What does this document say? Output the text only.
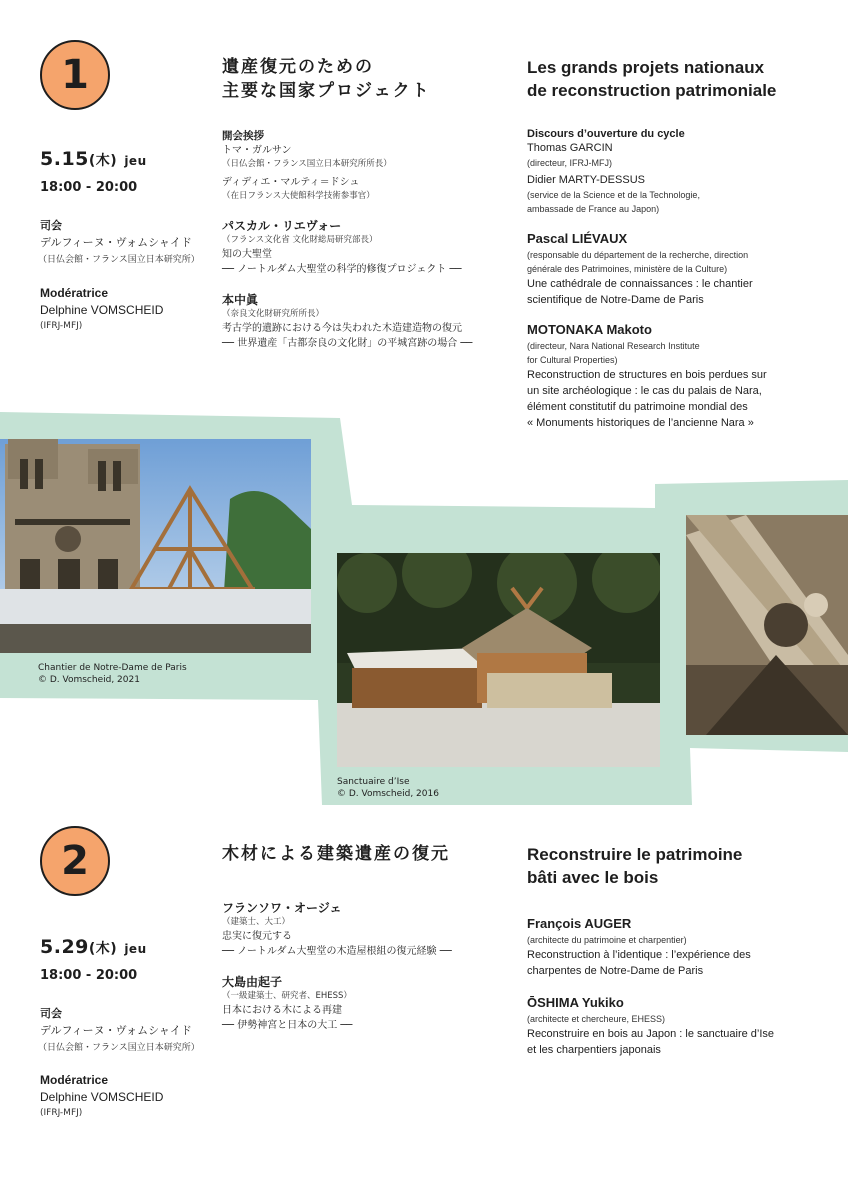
1
5.15(木) jeu
18:00 - 20:00
司会
デルフィーヌ・ヴォムシャイド
（日仏会館・フランス国立日本研究所）
Modératrice
Delphine VOMSCHEID
(IFRJ-MFJ)
遺産復元のための
主要な国家プロジェクト
開会挨拶
トマ・ガルサン
（日仏会館・フランス国立日本研究所所長）
ディディエ・マルティ＝ドシュ
（在日フランス大使館科学技術参事官）
パスカル・リエヴォー
（フランス文化省 文化財総局研究部長）
知の大聖堂
── ノートルダム大聖堂の科学的修復プロジェクト ──
本中眞
（奈良文化財研究所所長）
考古学的遺跡における今は失われた木造建造物の復元
── 世界遺産「古都奈良の文化財」の平城宮跡の場合 ──
Les grands projets nationaux
de reconstruction patrimoniale
Discours d’ouverture du cycle
Thomas GARCIN
(directeur, IFRJ-MFJ)
Didier MARTY-DESSUS
(service de la Science et de la Technologie,
ambassade de France au Japon)
Pascal LIÉVAUX
(responsable du département de la recherche, direction
générale des Patrimoines, ministère de la Culture)
Une cathédrale de connaissances : le chantier
scientifique de Notre-Dame de Paris
MOTONAKA Makoto
(directeur, Nara National Research Institute
for Cultural Properties)
Reconstruction de structures en bois perdues sur
un site archéologique : le cas du palais de Nara,
élément constitutif du patrimoine mondial des
« Monuments historiques de l’ancienne Nara »
Chantier de Notre-Dame de Paris
© D. Vomscheid, 2021
Sanctuaire d’Ise
© D. Vomscheid, 2016
2
5.29(木) jeu
18:00 - 20:00
司会
デルフィーヌ・ヴォムシャイド
（日仏会館・フランス国立日本研究所）
Modératrice
Delphine VOMSCHEID
(IFRJ-MFJ)
木材による建築遺産の復元
フランソワ・オージェ
（建築士、大工）
忠実に復元する
── ノートルダム大聖堂の木造屋根組の復元経験 ──
大島由起子
（一級建築士、研究者、EHESS）
日本における木による再建
── 伊勢神宮と日本の大工 ──
Reconstruire le patrimoine
bâti avec le bois
François AUGER
(architecte du patrimoine et charpentier)
Reconstruction à l’identique : l’expérience des
charpentes de Notre-Dame de Paris
ŌSHIMA Yukiko
(architecte et chercheure, EHESS)
Reconstruire en bois au Japon : le sanctuaire d’Ise
et les charpentiers japonais
